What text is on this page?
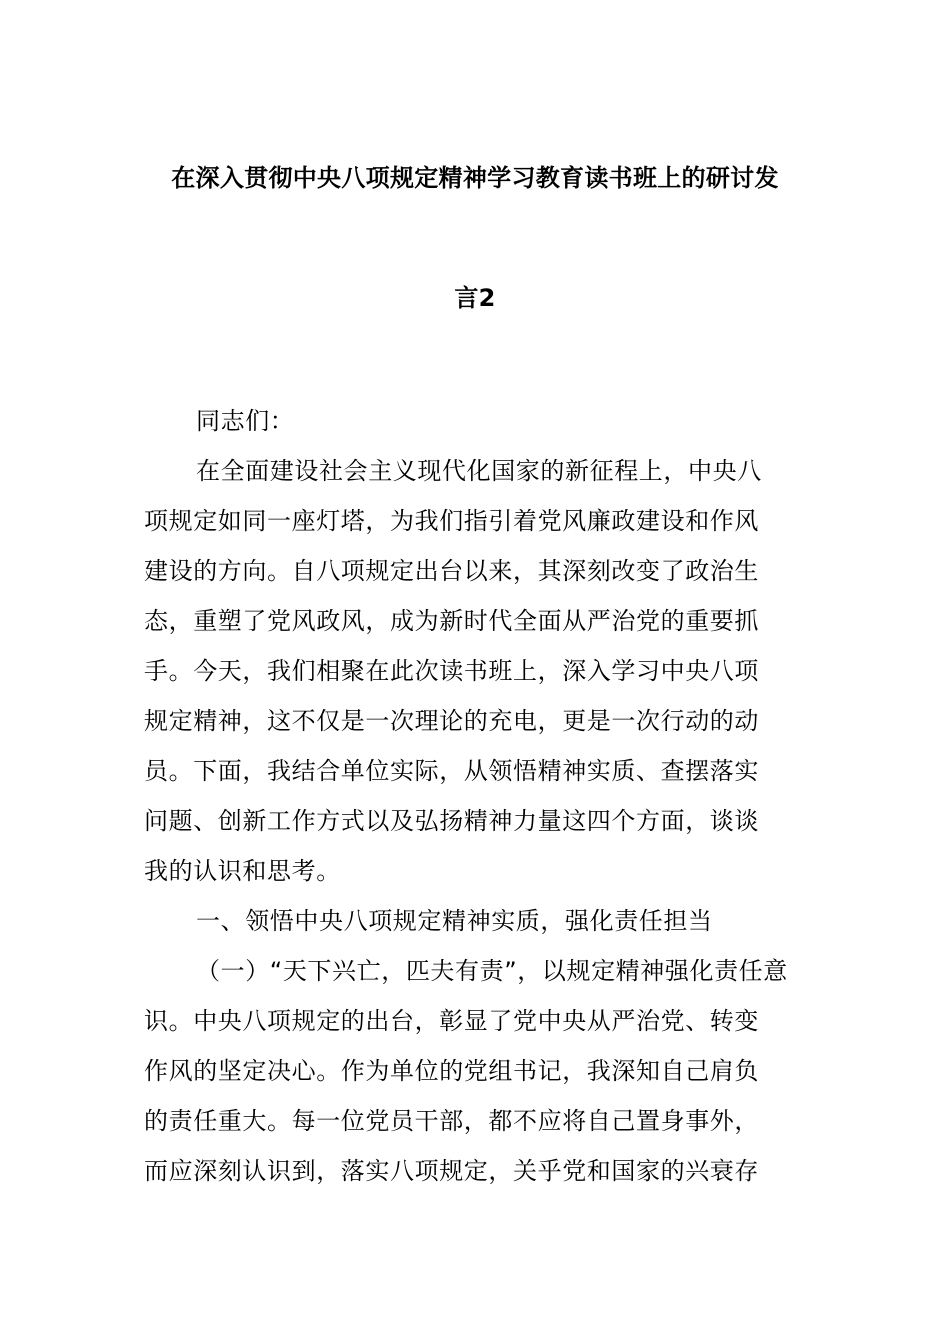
在深入贯彻中央八项规定精神学习教育读书班上的研讨发
言2
同志们：
在全面建设社会主义现代化国家的新征程上，中央八
项规定如同一座灯塔，为我们指引着党风廉政建设和作风
建设的方向。自八项规定出台以来，其深刻改变了政治生
态，重塑了党风政风，成为新时代全面从严治党的重要抓
手。今天，我们相聚在此次读书班上，深入学习中央八项
规定精神，这不仅是一次理论的充电，更是一次行动的动
员。下面，我结合单位实际，从领悟精神实质、查摆落实
问题、创新工作方式以及弘扬精神力量这四个方面，谈谈
我的认识和思考。
一、领悟中央八项规定精神实质，强化责任担当
（一）“天下兴亡，匹夫有责”，以规定精神强化责任意
识。中央八项规定的出台，彰显了党中央从严治党、转变
作风的坚定决心。作为单位的党组书记，我深知自己肩负
的责任重大。每一位党员干部，都不应将自己置身事外，
而应深刻认识到，落实八项规定，关乎党和国家的兴衰存
